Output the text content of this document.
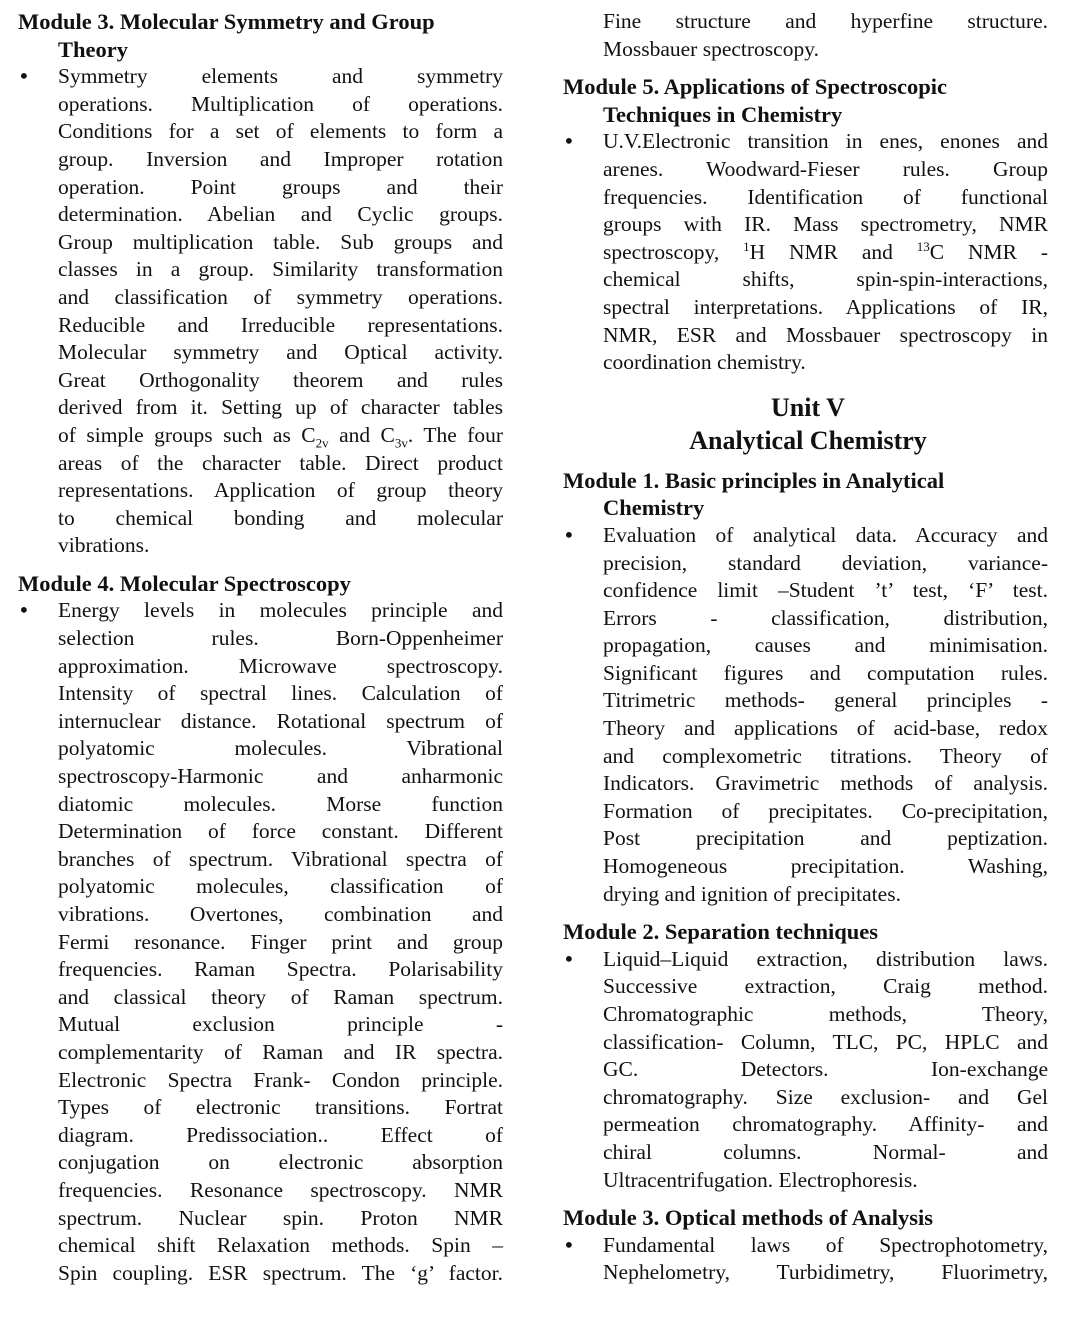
Module 3. Molecular Symmetry and Group
Theory
• Symmetry elements and symmetry
operations. Multiplication of operations.
Conditions for a set of elements to form a
group. Inversion and Improper rotation
operation. Point groups and their
determination. Abelian and Cyclic groups.
Group multiplication table. Sub groups and
classes in a group. Similarity transformation
and classification of symmetry operations.
Reducible and Irreducible representations.
Molecular symmetry and Optical activity.
Great Orthogonality theorem and rules
derived from it. Setting up of character tables
of simple groups such as $C_{2v}$ and $C_{3v}$. The four
areas of the character table. Direct product
representations. Application of group theory
to chemical bonding and molecular
vibrations.
Module 4. Molecular Spectroscopy
• Energy levels in molecules principle and
selection rules. Born-Oppenheimer
approximation. Microwave spectroscopy.
Intensity of spectral lines. Calculation of
internuclear distance. Rotational spectrum of
polyatomic molecules. Vibrational
spectroscopy-Harmonic and anharmonic
diatomic molecules. Morse function
Determination of force constant. Different
branches of spectrum. Vibrational spectra of
polyatomic molecules, classification of
vibrations. Overtones, combination and
Fermi resonance. Finger print and group
frequencies. Raman Spectra. Polarisability
and classical theory of Raman spectrum.
Mutual exclusion principle -
complementarity of Raman and IR spectra.
Electronic Spectra Frank- Condon principle.
Types of electronic transitions. Fortrat
diagram. Predissociation.. Effect of
conjugation on electronic absorption
frequencies. Resonance spectroscopy. NMR
spectrum. Nuclear spin. Proton NMR
chemical shift Relaxation methods. Spin –
Spin coupling. ESR spectrum. The ‘g’ factor.
Fine structure and hyperfine structure.
Mossbauer spectroscopy.
Module 5. Applications of Spectroscopic
Techniques in Chemistry
• U.V.Electronic transition in enes, enones and
arenes. Woodward-Fieser rules. Group
frequencies. Identification of functional
groups with IR. Mass spectrometry, NMR
spectroscopy, $^1$H NMR and $^{13}$C NMR -
chemical shifts, spin-spin-interactions,
spectral interpretations. Applications of IR,
NMR, ESR and Mossbauer spectroscopy in
coordination chemistry.
Unit V
Analytical Chemistry
Module 1. Basic principles in Analytical
Chemistry
• Evaluation of analytical data. Accuracy and
precision, standard deviation, variance-
confidence limit –Student ’t’ test, ‘F’ test.
Errors - classification, distribution,
propagation, causes and minimisation.
Significant figures and computation rules.
Titrimetric methods- general principles -
Theory and applications of acid-base, redox
and complexometric titrations. Theory of
Indicators. Gravimetric methods of analysis.
Formation of precipitates. Co-precipitation,
Post precipitation and peptization.
Homogeneous precipitation. Washing,
drying and ignition of precipitates.
Module 2. Separation techniques
• Liquid–Liquid extraction, distribution laws.
Successive extraction, Craig method.
Chromatographic methods, Theory,
classification- Column, TLC, PC, HPLC and
GC. Detectors. Ion-exchange
chromatography. Size exclusion- and Gel
permeation chromatography. Affinity- and
chiral columns. Normal- and
Ultracentrifugation. Electrophoresis.
Module 3. Optical methods of Analysis
• Fundamental laws of Spectrophotometry,
Nephelometry, Turbidimetry, Fluorimetry,
